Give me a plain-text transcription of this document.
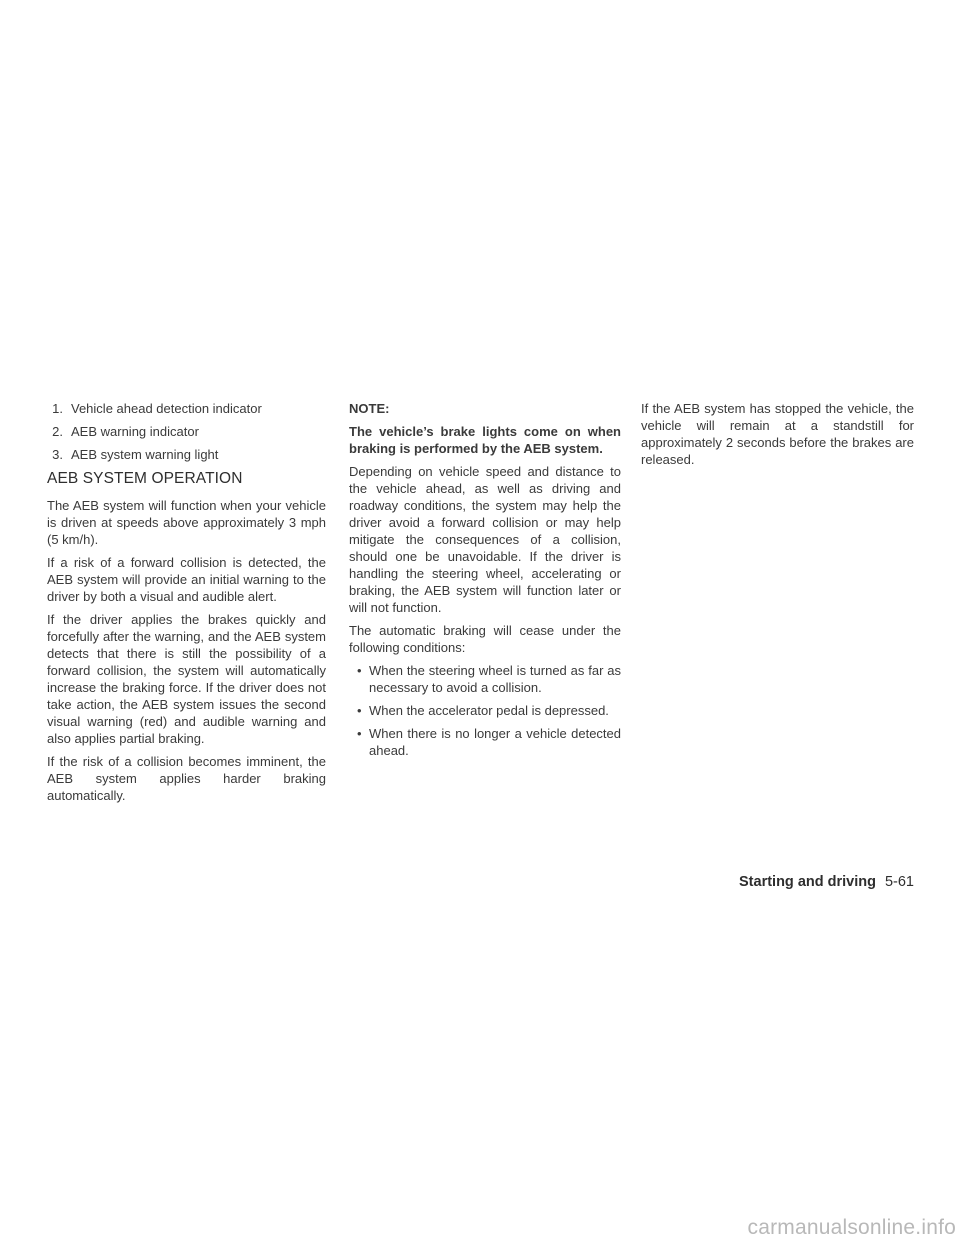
1. Vehicle ahead detection indicator
2. AEB warning indicator
3. AEB system warning light
AEB SYSTEM OPERATION

The AEB system will function when your vehicle is driven at speeds above approximately 3 mph (5 km/h).

If a risk of a forward collision is detected, the AEB system will provide an initial warning to the driver by both a visual and audible alert.

If the driver applies the brakes quickly and forcefully after the warning, and the AEB system detects that there is still the possibility of a forward collision, the system will automatically increase the braking force. If the driver does not take action, the AEB system issues the second visual warning (red) and audible warning and also applies partial braking.

If the risk of a collision becomes imminent, the AEB system applies harder braking automatically.

NOTE:

The vehicle’s brake lights come on when braking is performed by the AEB system.

Depending on vehicle speed and distance to the vehicle ahead, as well as driving and roadway conditions, the system may help the driver avoid a forward collision or may help mitigate the consequences of a collision, should one be unavoidable. If the driver is handling the steering wheel, accelerating or braking, the AEB system will function later or will not function.

The automatic braking will cease under the following conditions:

• When the steering wheel is turned as far as necessary to avoid a collision.
• When the accelerator pedal is depressed.
• When there is no longer a vehicle detected ahead.

If the AEB system has stopped the vehicle, the vehicle will remain at a standstill for approximately 2 seconds before the brakes are released.

Starting and driving 5-61
carmanualsonline.info
